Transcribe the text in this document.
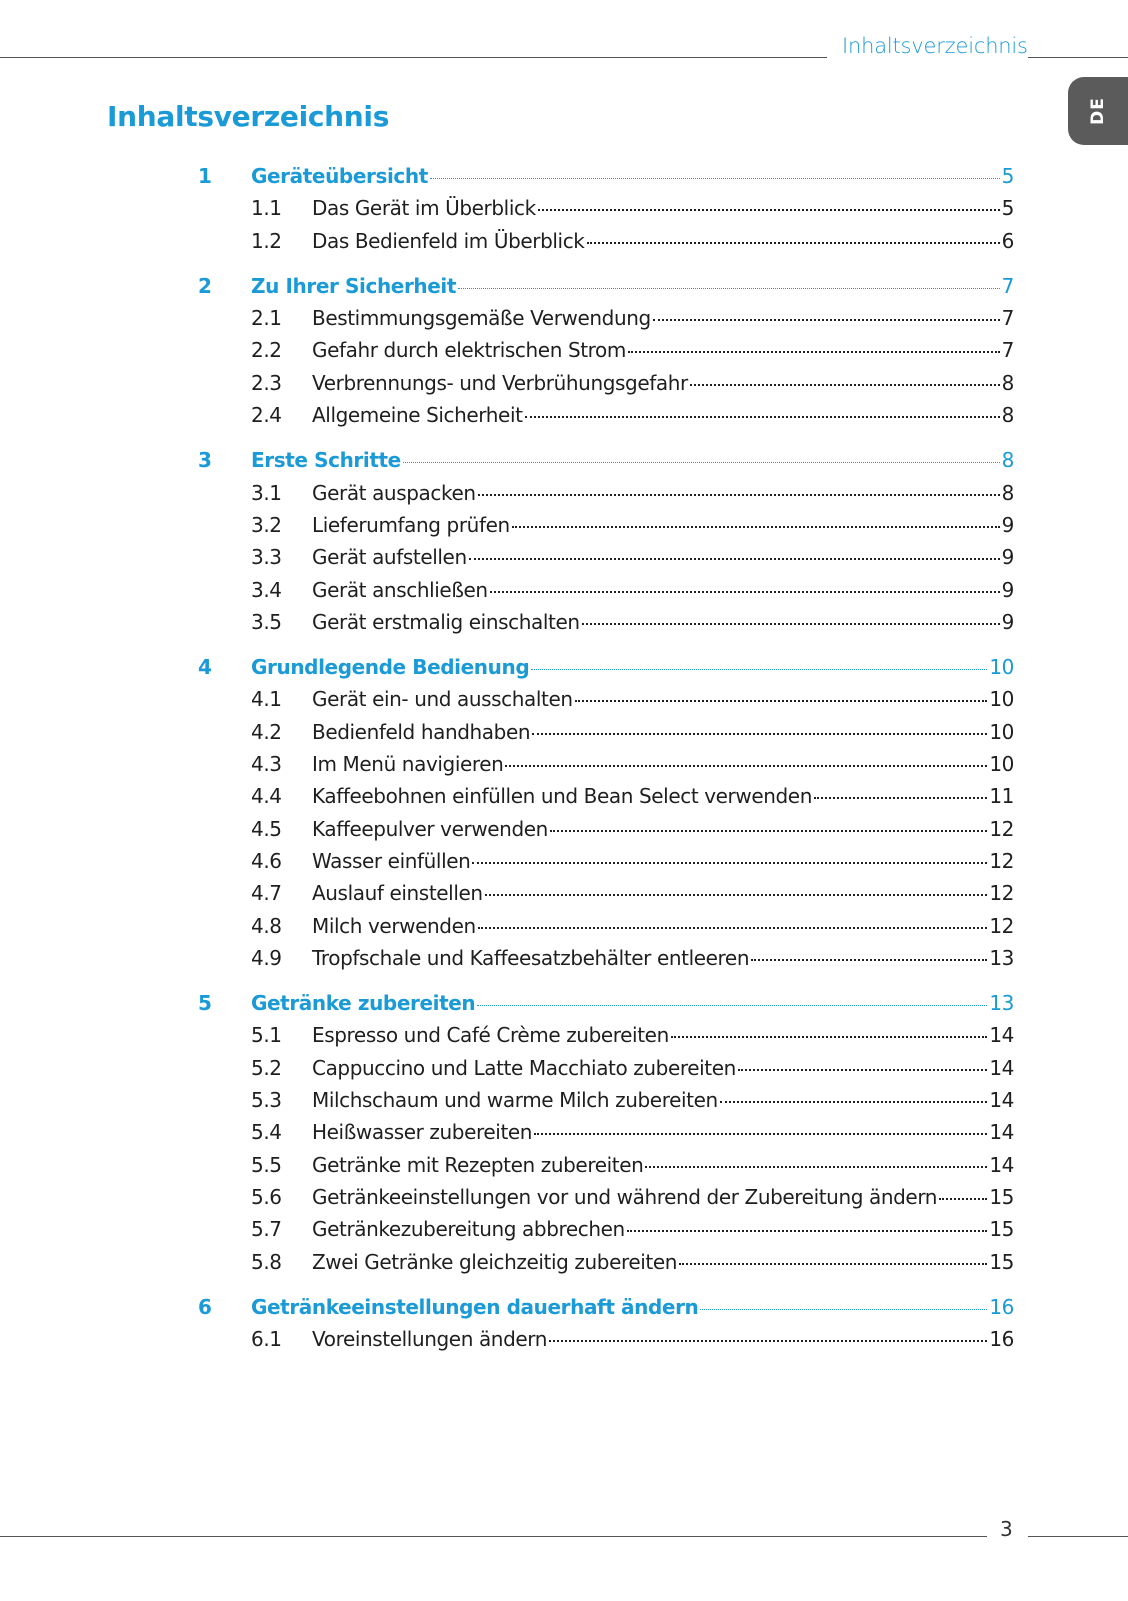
Inhaltsverzeichnis
DE
Inhaltsverzeichnis
1 Geräteübersicht	5
1.1 Das Gerät im Überblick	5
1.2 Das Bedienfeld im Überblick	6
2 Zu Ihrer Sicherheit	7
2.1 Bestimmungsgemäße Verwendung	7
2.2 Gefahr durch elektrischen Strom	7
2.3 Verbrennungs- und Verbrühungsgefahr	8
2.4 Allgemeine Sicherheit	8
3 Erste Schritte	8
3.1 Gerät auspacken	8
3.2 Lieferumfang prüfen	9
3.3 Gerät aufstellen	9
3.4 Gerät anschließen	9
3.5 Gerät erstmalig einschalten	9
4 Grundlegende Bedienung	10
4.1 Gerät ein- und ausschalten	10
4.2 Bedienfeld handhaben	10
4.3 Im Menü navigieren	10
4.4 Kaffeebohnen einfüllen und Bean Select verwenden	11
4.5 Kaffeepulver verwenden	12
4.6 Wasser einfüllen	12
4.7 Auslauf einstellen	12
4.8 Milch verwenden	12
4.9 Tropfschale und Kaffeesatzbehälter entleeren	13
5 Getränke zubereiten	13
5.1 Espresso und Café Crème zubereiten	14
5.2 Cappuccino und Latte Macchiato zubereiten	14
5.3 Milchschaum und warme Milch zubereiten	14
5.4 Heißwasser zubereiten	14
5.5 Getränke mit Rezepten zubereiten	14
5.6 Getränkeeinstellungen vor und während der Zubereitung ändern	15
5.7 Getränkezubereitung abbrechen	15
5.8 Zwei Getränke gleichzeitig zubereiten	15
6 Getränkeeinstellungen dauerhaft ändern	16
6.1 Voreinstellungen ändern	16
3
